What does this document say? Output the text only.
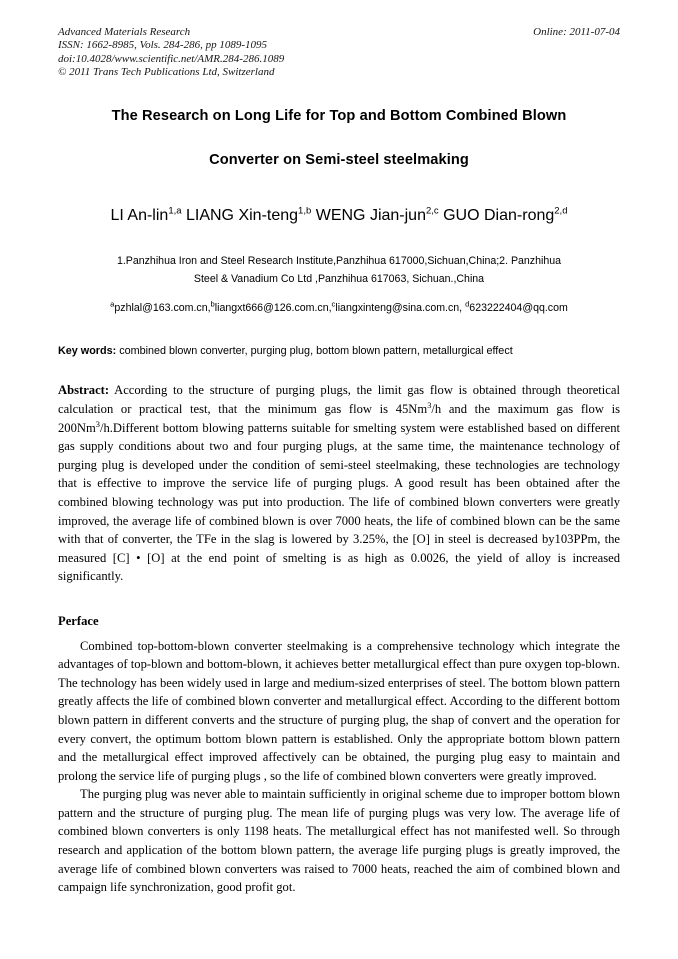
Advanced Materials Research
ISSN: 1662-8985, Vols. 284-286, pp 1089-1095
doi:10.4028/www.scientific.net/AMR.284-286.1089
© 2011 Trans Tech Publications Ltd, Switzerland
Online: 2011-07-04
The Research on Long Life for Top and Bottom Combined Blown
Converter on Semi-steel steelmaking
LI An-lin$^{1,a}$ LIANG Xin-teng$^{1,b}$ WENG Jian-jun$^{2,c}$ GUO Dian-rong$^{2,d}$
1.Panzhihua Iron and Steel Research Institute,Panzhihua 617000,Sichuan,China;2. Panzhihua
Steel & Vanadium Co Ltd ,Panzhihua 617063, Sichuan.,China
$^a$pzhlal@163.com.cn,$^b$liangxt666@126.com.cn,$^c$liangxinteng@sina.com.cn, $^d$623222404@qq.com
Key words: combined blown converter, purging plug, bottom blown pattern, metallurgical effect
Abstract: According to the structure of purging plugs, the limit gas flow is obtained through theoretical calculation or practical test, that the minimum gas flow is 45Nm$^3$/h and the maximum gas flow is 200Nm$^3$/h.Different bottom blowing patterns suitable for smelting system were established based on different gas supply conditions about two and four purging plugs, at the same time, the maintenance technology of purging plug is developed under the condition of semi-steel steelmaking, these technologies are technology that is effective to improve the service life of purging plugs. A good result has been obtained after the combined blowing technology was put into production. The life of combined blown converters were greatly improved, the average life of combined blown is over 7000 heats, the life of combined blown can be the same with that of converter, the TFe in the slag is lowered by 3.25%, the [O] in steel is decreased by103PPm, the measured [C] • [O] at the end point of smelting is as high as 0.0026, the yield of alloy is increased significantly.
Perface

Combined top-bottom-blown converter steelmaking is a comprehensive technology which integrate the advantages of top-blown and bottom-blown, it achieves better metallurgical effect than pure oxygen top-blown. The technology has been widely used in large and medium-sized enterprises of steel. The bottom blown pattern greatly affects the life of combined blown converter and metallurgical effect. According to the different bottom blown pattern in different converts and the structure of purging plug, the shap of convert and the operation for every convert, the optimum bottom blown pattern is established. Only the appropriate bottom blown pattern and the metallurgical effect improved affectively can be obtained, the purging plug easy to maintain and prolong the service life of purging plugs , so the life of combined blown converters were greatly improved.

The purging plug was never able to maintain sufficiently in original scheme due to improper bottom blown pattern and the structure of purging plug. The mean life of purging plugs was very low. The average life of combined blown converters is only 1198 heats. The metallurgical effect has not manifested well. So through research and application of the bottom blown pattern, the average life purging plugs is greatly improved, the average life of combined blown converters was raised to 7000 heats, reached the aim of combined blown and campaign life synchronization, good profit got.
